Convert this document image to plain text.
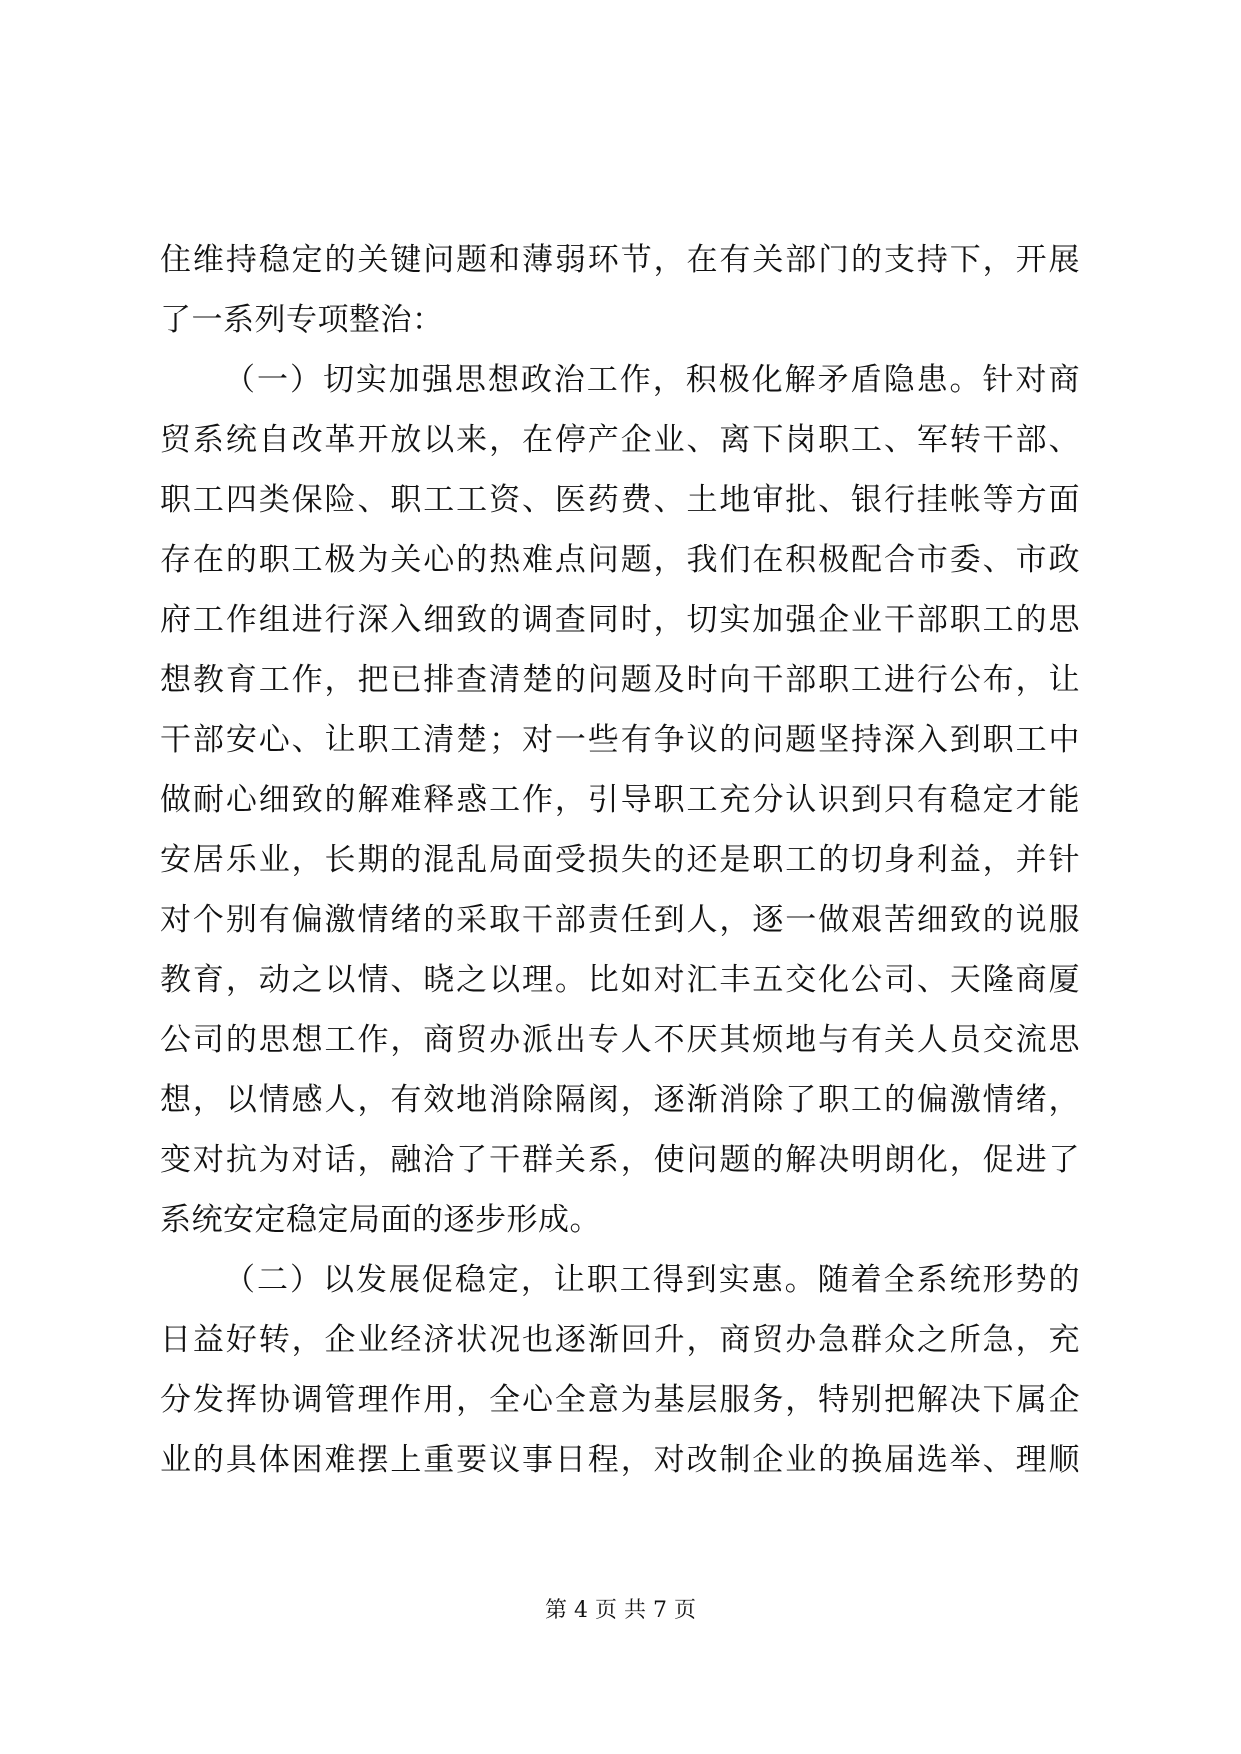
住维持稳定的关键问题和薄弱环节，在有关部门的支持下，开展
了一系列专项整治：
（一）切实加强思想政治工作，积极化解矛盾隐患。针对商
贸系统自改革开放以来，在停产企业、离下岗职工、军转干部、
职工四类保险、职工工资、医药费、土地审批、银行挂帐等方面
存在的职工极为关心的热难点问题，我们在积极配合市委、市政
府工作组进行深入细致的调查同时，切实加强企业干部职工的思
想教育工作，把已排查清楚的问题及时向干部职工进行公布，让
干部安心、让职工清楚；对一些有争议的问题坚持深入到职工中
做耐心细致的解难释惑工作，引导职工充分认识到只有稳定才能
安居乐业，长期的混乱局面受损失的还是职工的切身利益，并针
对个别有偏激情绪的采取干部责任到人，逐一做艰苦细致的说服
教育，动之以情、晓之以理。比如对汇丰五交化公司、天隆商厦
公司的思想工作，商贸办派出专人不厌其烦地与有关人员交流思
想，以情感人，有效地消除隔阂，逐渐消除了职工的偏激情绪，
变对抗为对话，融洽了干群关系，使问题的解决明朗化，促进了
系统安定稳定局面的逐步形成。
（二）以发展促稳定，让职工得到实惠。随着全系统形势的
日益好转，企业经济状况也逐渐回升，商贸办急群众之所急，充
分发挥协调管理作用，全心全意为基层服务，特别把解决下属企
业的具体困难摆上重要议事日程，对改制企业的换届选举、理顺
第 4 页 共 7 页
